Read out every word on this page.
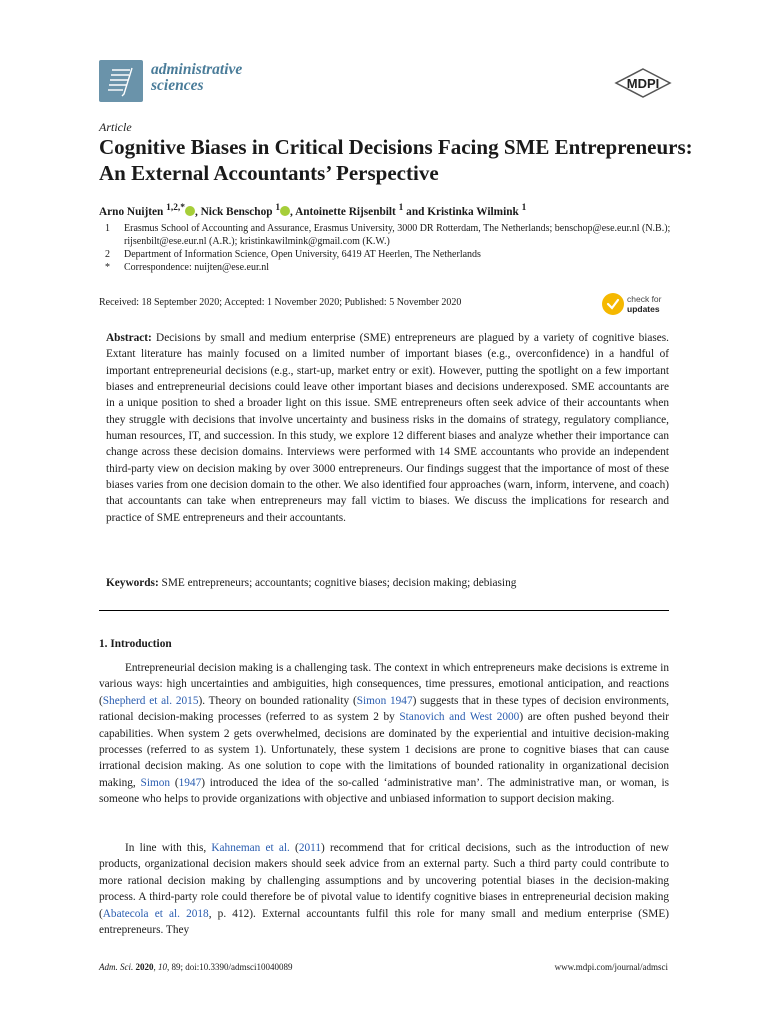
administrative
sciences	MDPI
Article
Cognitive Biases in Critical Decisions Facing SME Entrepreneurs: An External Accountants’ Perspective
Arno Nuijten $^{1,2,*}$ , Nick Benschop $^1$ , Antoinette Rijsenbilt $^1$ and Kristinka Wilmink $^1$
1	Erasmus School of Accounting and Assurance, Erasmus University, 3000 DR Rotterdam, The Netherlands; benschop@ese.eur.nl (N.B.); rijsenbilt@ese.eur.nl (A.R.); kristinkawilmink@gmail.com (K.W.)
2	Department of Information Science, Open University, 6419 AT Heerlen, The Netherlands
*	Correspondence: nuijten@ese.eur.nl
Received: 18 September 2020; Accepted: 1 November 2020; Published: 5 November 2020	check for
updates
Abstract: Decisions by small and medium enterprise (SME) entrepreneurs are plagued by a variety of cognitive biases. Extant literature has mainly focused on a limited number of important biases (e.g., overconfidence) in a handful of important entrepreneurial decisions (e.g., start-up, market entry or exit). However, putting the spotlight on a few important biases and entrepreneurial decisions could leave other important biases and decisions underexposed. SME accountants are in a unique position to shed a broader light on this issue. SME entrepreneurs often seek advice of their accountants when they struggle with decisions that involve uncertainty and business risks in the domains of strategy, regulatory compliance, human resources, IT, and succession. In this study, we explore 12 different biases and analyze whether their importance can change across these decision domains. Interviews were performed with 14 SME accountants who provide an independent third-party view on decision making by over 3000 entrepreneurs. Our findings suggest that the importance of most of these biases varies from one decision domain to the other. We also identified four approaches (warn, inform, intervene, and coach) that accountants can take when entrepreneurs may fall victim to biases. We discuss the implications for research and practice of SME entrepreneurs and their accountants.
Keywords: SME entrepreneurs; accountants; cognitive biases; decision making; debiasing
1. Introduction
Entrepreneurial decision making is a challenging task. The context in which entrepreneurs make decisions is extreme in various ways: high uncertainties and ambiguities, high consequences, time pressures, emotional anticipation, and reactions (Shepherd et al. 2015). Theory on bounded rationality (Simon 1947) suggests that in these types of decision environments, rational decision-making processes (referred to as system 2 by Stanovich and West 2000) are often pushed beyond their capabilities. When system 2 gets overwhelmed, decisions are dominated by the experiential and intuitive decision-making processes (referred to as system 1). Unfortunately, these system 1 decisions are prone to cognitive biases that can cause irrational decision making. As one solution to cope with the limitations of bounded rationality in organizational decision making, Simon (1947) introduced the idea of the so-called ‘administrative man’. The administrative man, or woman, is someone who helps to provide organizations with objective and unbiased information to support decision making.
In line with this, Kahneman et al. (2011) recommend that for critical decisions, such as the introduction of new products, organizational decision makers should seek advice from an external party. Such a third party could contribute to more rational decision making by challenging assumptions and by uncovering potential biases in the decision-making process. A third-party role could therefore be of pivotal value to identify cognitive biases in entrepreneurial decision making (Abatecola et al. 2018, p. 412). External accountants fulfil this role for many small and medium enterprise (SME) entrepreneurs. They
Adm. Sci. 2020, 10, 89; doi:10.3390/admsci10040089	www.mdpi.com/journal/admsci
